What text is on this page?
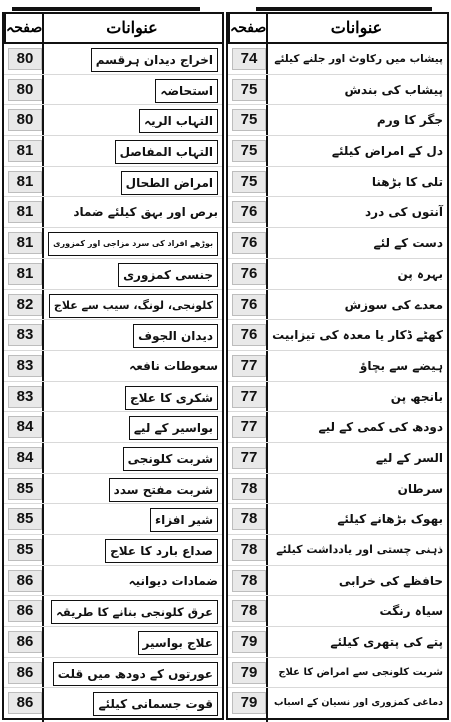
صفحہ	عنوانات
80	اخراج دیدان ہرقسم
80	استحاضہ
80	التہاب الریہ
81	التہاب المفاصل
81	امراض الطحال
81	برص اور بہق کیلئے ضماد
81	بوڑھے افراد کی سرد مزاجی اور کمزوری
81	جنسی کمزوری
82	کلونجی، لونگ، سیب سے علاج
83	دیدان الجوف
83	سعوطات نافعہ
83	شکری کا علاج
84	بواسیر کے لیے
84	شربت کلونجی
85	شربت مفتح سدد
85	شیر افزاء
85	صداع بارد کا علاج
86	ضمادات دیوانیہ
86	عرق کلونجی بنانے کا طریقہ
86	علاج بواسیر
86	عورتوں کے دودھ میں قلت
86	قوت جسمانی کیلئے
صفحہ	عنوانات
74	پیشاب میں رکاوٹ اور جلنے کیلئے
75	پیشاب کی بندش
75	جگر کا ورم
75	دل کے امراض کیلئے
75	تلی کا بڑھنا
76	آنتوں کی درد
76	دست کے لئے
76	بہرہ پن
76	معدے کی سوزش
76	کھٹے ڈکار یا معدہ کی تیزابیت
77	ہیضے سے بچاؤ
77	بانجھ پن
77	دودھ کی کمی کے لیے
77	السر کے لیے
78	سرطان
78	بھوک بڑھانے کیلئے
78	ذہنی چستی اور یادداشت کیلئے
78	حافظے کی خرابی
78	سیاہ رنگت
79	پتے کی پتھری کیلئے
79	شربت کلونجی سے امراض کا علاج
79	دماغی کمزوری اور نسیان کے اسباب
